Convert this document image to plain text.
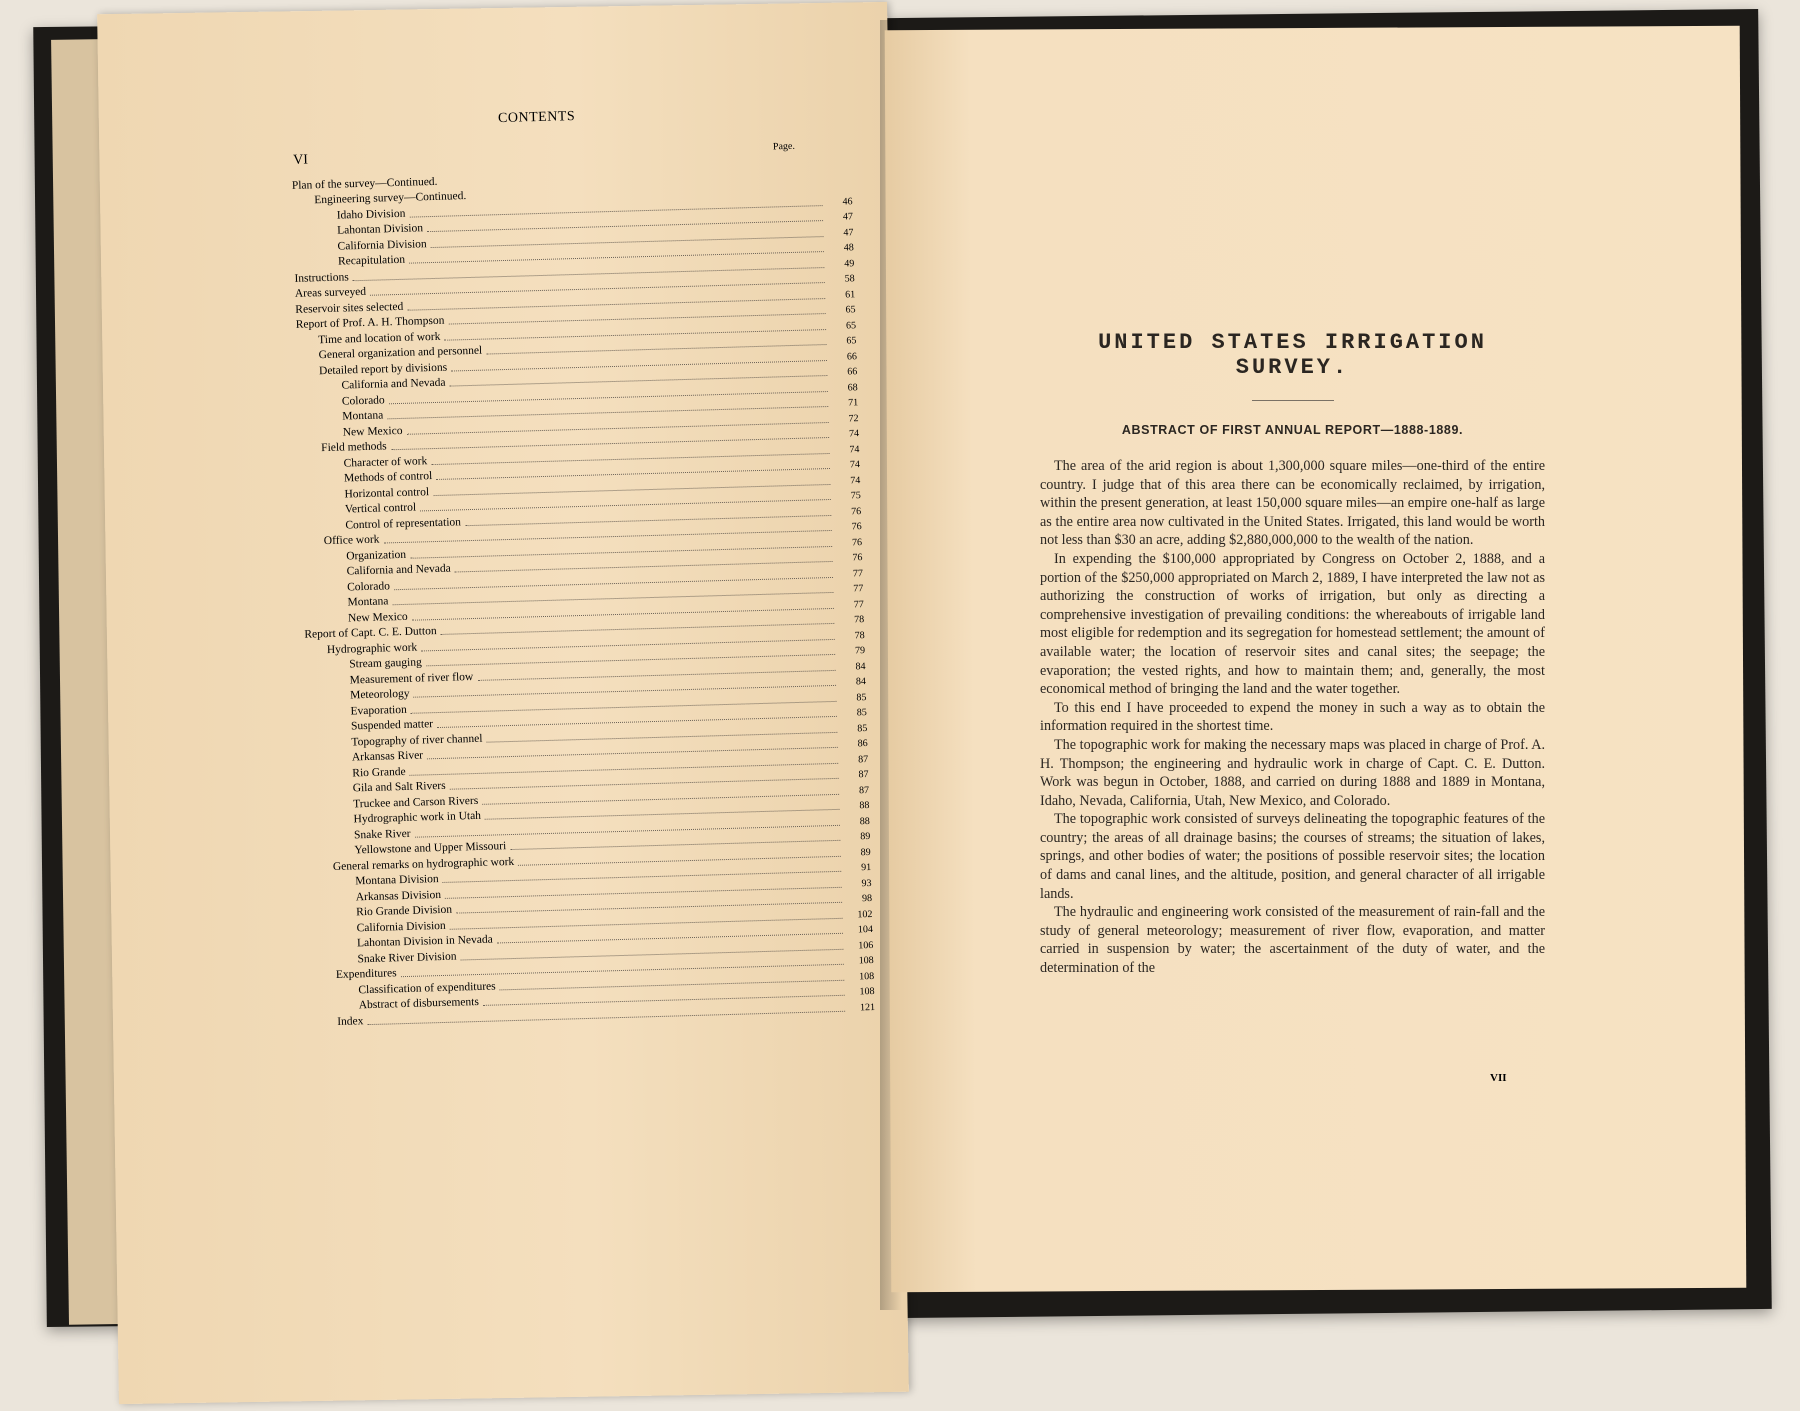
CONTENTS
VI
Page.
Plan of the survey—Continued.
Engineering survey—Continued.
Idaho Division
46
Lahontan Division
47
California Division
47
Recapitulation
48
Instructions
49
Areas surveyed
58
Reservoir sites selected
61
Report of Prof. A. H. Thompson
65
Time and location of work
65
General organization and personnel
65
Detailed report by divisions
66
California and Nevada
66
Colorado
68
Montana
71
New Mexico
72
Field methods
74
Character of work
74
Methods of control
74
Horizontal control
74
Vertical control
75
Control of representation
76
Office work
76
Organization
76
California and Nevada
76
Colorado
77
Montana
77
New Mexico
77
Report of Capt. C. E. Dutton
78
Hydrographic work
78
Stream gauging
79
Measurement of river flow
84
Meteorology
84
Evaporation
85
Suspended matter
85
Topography of river channel
85
Arkansas River
86
Rio Grande
87
Gila and Salt Rivers
87
Truckee and Carson Rivers
87
Hydrographic work in Utah
88
Snake River
88
Yellowstone and Upper Missouri
89
General remarks on hydrographic work
89
Montana Division
91
Arkansas Division
93
Rio Grande Division
98
California Division
102
Lahontan Division in Nevada
104
Snake River Division
106
Expenditures
108
Classification of expenditures
108
Abstract of disbursements
108
Index
121
UNITED STATES IRRIGATION SURVEY.
ABSTRACT OF FIRST ANNUAL REPORT—1888-1889.

The area of the arid region is about 1,300,000 square miles—one-third of the entire country. I judge that of this area there can be economically reclaimed, by irrigation, within the present generation, at least 150,000 square miles—an empire one-half as large as the entire area now cultivated in the United States. Irrigated, this land would be worth not less than $30 an acre, adding $2,880,000,000 to the wealth of the nation.

In expending the $100,000 appropriated by Congress on October 2, 1888, and a portion of the $250,000 appropriated on March 2, 1889, I have interpreted the law not as authorizing the construction of works of irrigation, but only as directing a comprehensive investigation of prevailing conditions: the whereabouts of irrigable land most eligible for redemption and its segregation for homestead settlement; the amount of available water; the location of reservoir sites and canal sites; the seepage; the evaporation; the vested rights, and how to maintain them; and, generally, the most economical method of bringing the land and the water together.

To this end I have proceeded to expend the money in such a way as to obtain the information required in the shortest time.

The topographic work for making the necessary maps was placed in charge of Prof. A. H. Thompson; the engineering and hydraulic work in charge of Capt. C. E. Dutton. Work was begun in October, 1888, and carried on during 1888 and 1889 in Montana, Idaho, Nevada, California, Utah, New Mexico, and Colorado.

The topographic work consisted of surveys delineating the topographic features of the country; the areas of all drainage basins; the courses of streams; the situation of lakes, springs, and other bodies of water; the positions of possible reservoir sites; the location of dams and canal lines, and the altitude, position, and general character of all irrigable lands.

The hydraulic and engineering work consisted of the measurement of rain-fall and the study of general meteorology; measurement of river flow, evaporation, and matter carried in suspension by water; the ascertainment of the duty of water, and the determination of the

VII
